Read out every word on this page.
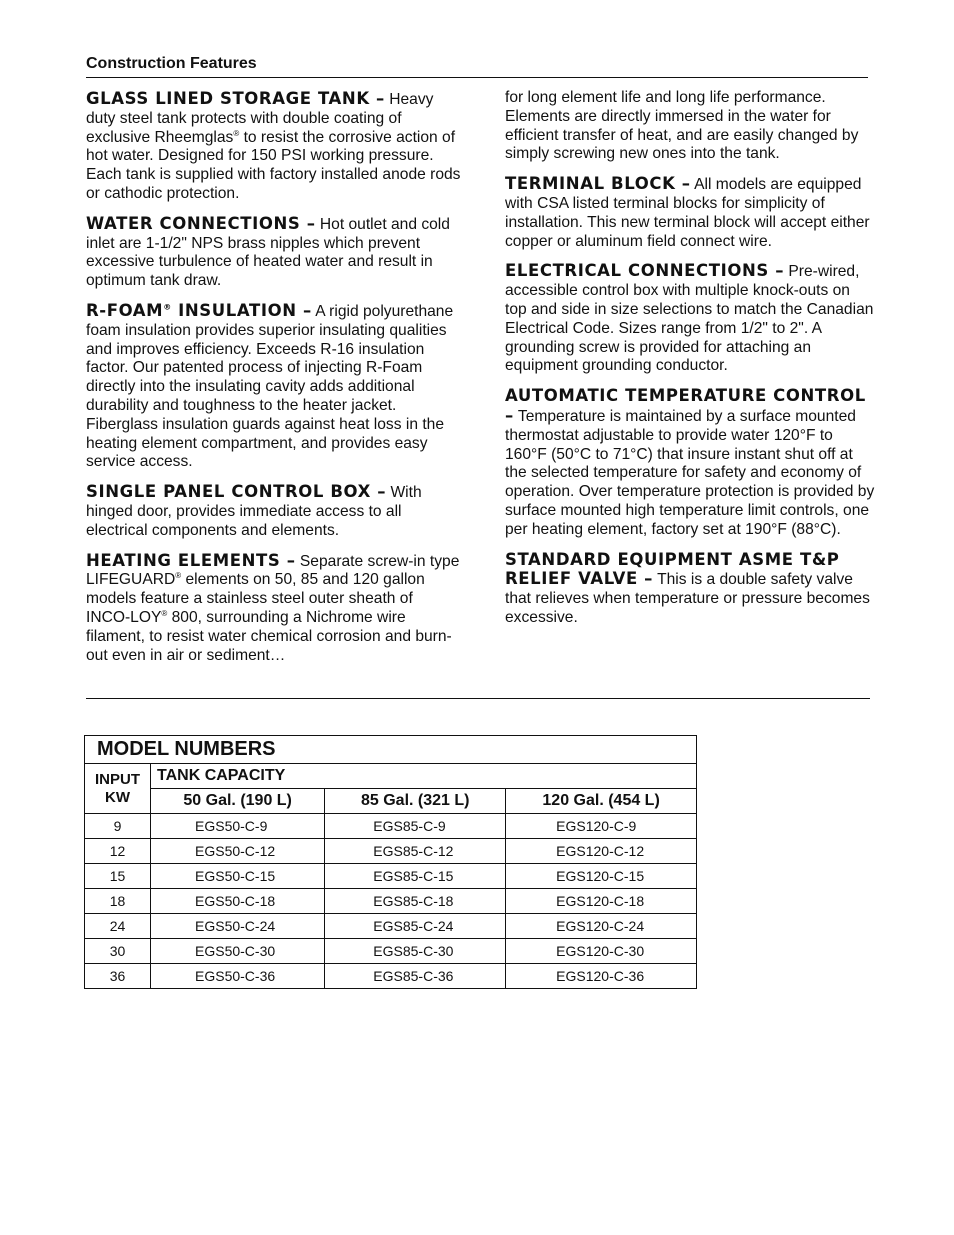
Construction Features

GLASS LINED STORAGE TANK – Heavy duty steel tank protects with double coating of exclusive Rheemglas® to resist the corrosive action of hot water. Designed for 150 PSI working pressure. Each tank is supplied with factory installed anode rods or cathodic protection.

WATER CONNECTIONS – Hot outlet and cold inlet are 1-1/2" NPS brass nipples which prevent excessive turbulence of heated water and result in optimum tank draw.

R-FOAM® INSULATION – A rigid polyurethane foam insulation provides superior insulating qualities and improves efficiency. Exceeds R-16 insulation factor. Our patented process of injecting R-Foam directly into the insulating cavity adds additional durability and toughness to the heater jacket. Fiberglass insulation guards against heat loss in the heating element compartment, and provides easy service access.

SINGLE PANEL CONTROL BOX – With hinged door, provides immediate access to all electrical components and elements.

HEATING ELEMENTS – Separate screw-in type LIFEGUARD® elements on 50, 85 and 120 gallon models feature a stainless steel outer sheath of INCO-LOY® 800, surrounding a Nichrome wire filament, to resist water chemical corrosion and burn-out even in air or sediment…

for long element life and long life performance. Elements are directly immersed in the water for efficient transfer of heat, and are easily changed by simply screwing new ones into the tank.

TERMINAL BLOCK – All models are equipped with CSA listed terminal blocks for simplicity of installation. This new terminal block will accept either copper or aluminum field connect wire.

ELECTRICAL CONNECTIONS – Pre-wired, accessible control box with multiple knock-outs on top and side in size selections to match the Canadian Electrical Code. Sizes range from 1/2" to 2". A grounding screw is provided for attaching an equipment grounding conductor.

AUTOMATIC TEMPERATURE CONTROL – Temperature is maintained by a surface mounted thermostat adjustable to provide water 120°F to 160°F (50°C to 71°C) that insure instant shut off at the selected temperature for safety and economy of operation. Over temperature protection is provided by surface mounted high temperature limit controls, one per heating element, factory set at 190°F (88°C).

STANDARD EQUIPMENT ASME T&P RELIEF VALVE – This is a double safety valve that relieves when temperature or pressure becomes excessive.

MODEL NUMBERS			
INPUT
KW	TANK CAPACITY		
	50 Gal. (190 L)	85 Gal. (321 L)	120 Gal. (454 L)
9	EGS50-C-9	EGS85-C-9	EGS120-C-9
12	EGS50-C-12	EGS85-C-12	EGS120-C-12
15	EGS50-C-15	EGS85-C-15	EGS120-C-15
18	EGS50-C-18	EGS85-C-18	EGS120-C-18
24	EGS50-C-24	EGS85-C-24	EGS120-C-24
30	EGS50-C-30	EGS85-C-30	EGS120-C-30
36	EGS50-C-36	EGS85-C-36	EGS120-C-36
